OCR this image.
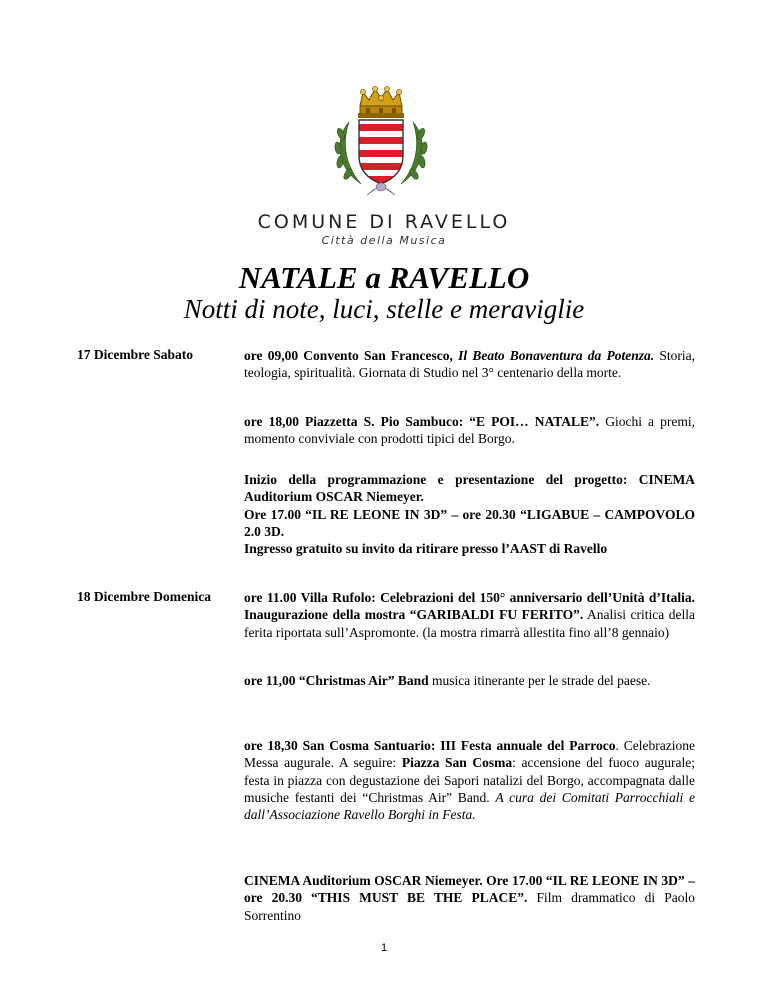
COMUNE DI RAVELLO
Città della Musica
NATALE a RAVELLO
Notti di note, luci, stelle e meraviglie
17 Dicembre Sabato	ore 09,00 Convento San Francesco, Il Beato Bonaventura da Potenza. Storia, teologia, spiritualità. Giornata di Studio nel 3° centenario della morte.
ore 18,00 Piazzetta S. Pio Sambuco: “E POI… NATALE”. Giochi a premi, momento conviviale con prodotti tipici del Borgo.
Inizio della programmazione e presentazione del progetto: CINEMA Auditorium OSCAR Niemeyer.
Ore 17.00 “IL RE LEONE IN 3D” – ore 20.30 “LIGABUE – CAMPOVOLO 2.0 3D.
Ingresso gratuito su invito da ritirare presso l’AAST di Ravello
18 Dicembre Domenica ore 11.00 Villa Rufolo: Celebrazioni del 150° anniversario dell’Unità d’Italia. Inaugurazione della mostra “GARIBALDI FU FERITO”. Analisi critica della ferita riportata sull’Aspromonte. (la mostra rimarrà allestita fino all’8 gennaio)
ore 11,00 “Christmas Air” Band musica itinerante per le strade del paese.
ore 18,30 San Cosma Santuario: III Festa annuale del Parroco. Celebrazione Messa augurale. A seguire: Piazza San Cosma: accensione del fuoco augurale; festa in piazza con degustazione dei Sapori natalizi del Borgo, accompagnata dalle musiche festanti dei “Christmas Air” Band. A cura dei Comitati Parrocchiali e dall’Associazione Ravello Borghi in Festa.
CINEMA Auditorium OSCAR Niemeyer. Ore 17.00 “IL RE LEONE IN 3D” – ore 20.30 “THIS MUST BE THE PLACE”. Film drammatico di Paolo Sorrentino
1
